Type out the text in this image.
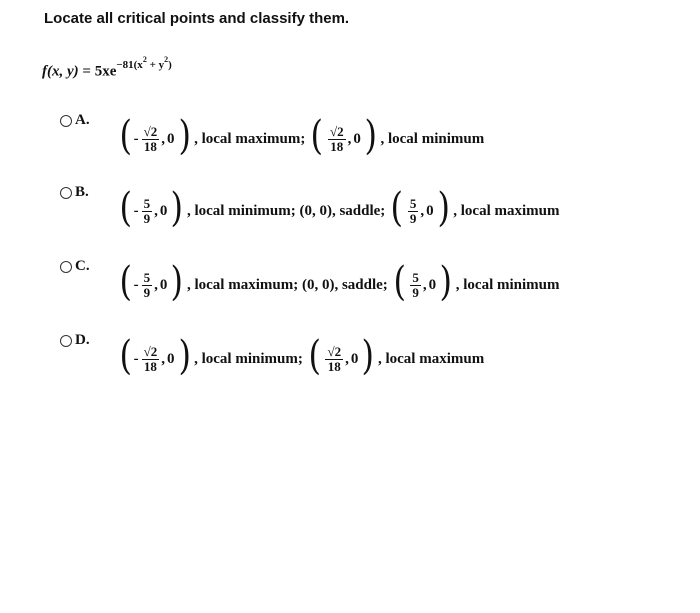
Locate all critical points and classify them.
f(x, $y) = 5xe^{-81(x^2 + y^2)}$
A. ( - $\frac{√2}{18}$ , 0 ) , local maximum; ( $\frac{√2}{18}$ , 0 ) , local minimum
B. ( - $\frac{5}{9}$ , 0 ) , local minimum; (0, 0), saddle; ( $\frac{5}{9}$ , 0 ) , local maximum
C. ( - $\frac{5}{9}$ , 0 ) , local maximum; (0, 0), saddle; ( $\frac{5}{9}$ , 0 ) , local minimum
D. ( - $\frac{√2}{18}$ , 0 ) , local minimum; ( $\frac{√2}{18}$ , 0 ) , local maximum
